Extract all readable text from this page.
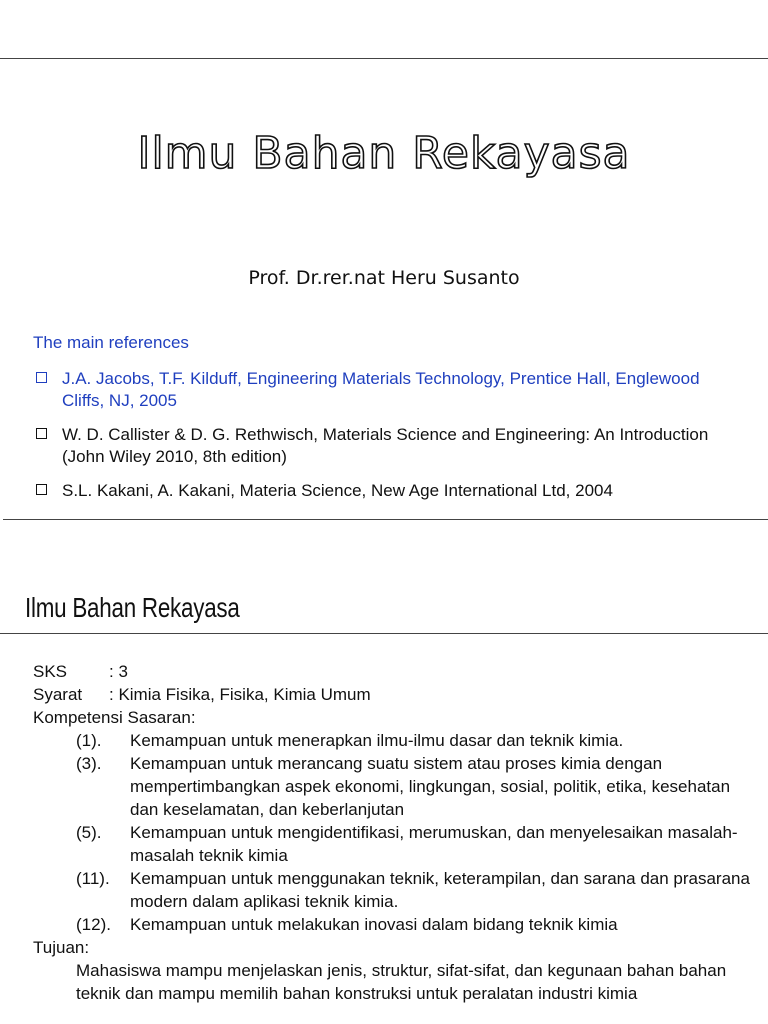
Ilmu Bahan Rekayasa
Prof. Dr.rer.nat Heru Susanto
The main references
J.A. Jacobs, T.F. Kilduff, Engineering Materials Technology, Prentice Hall, Englewood Cliffs, NJ, 2005
W. D. Callister & D. G. Rethwisch, Materials Science and Engineering: An Introduction (John Wiley 2010, 8th edition)
S.L. Kakani, A. Kakani, Materia Science, New Age International Ltd, 2004
Ilmu Bahan Rekayasa
SKS	: 3
Syarat	: Kimia Fisika, Fisika, Kimia Umum
Kompetensi Sasaran:
(1).	Kemampuan untuk menerapkan ilmu-ilmu dasar dan teknik kimia.
(3).	Kemampuan untuk merancang suatu sistem atau proses kimia dengan mempertimbangkan aspek ekonomi, lingkungan, sosial, politik, etika, kesehatan dan keselamatan, dan keberlanjutan
(5).	Kemampuan untuk mengidentifikasi, merumuskan, dan menyelesaikan masalah-masalah teknik kimia
(11).	Kemampuan untuk menggunakan teknik, keterampilan, dan sarana dan prasarana modern dalam aplikasi teknik kimia.
(12).	Kemampuan untuk melakukan inovasi dalam bidang teknik kimia
Tujuan:
Mahasiswa mampu menjelaskan jenis, struktur, sifat-sifat, dan kegunaan bahan bahan teknik dan mampu memilih bahan konstruksi untuk peralatan industri kimia
